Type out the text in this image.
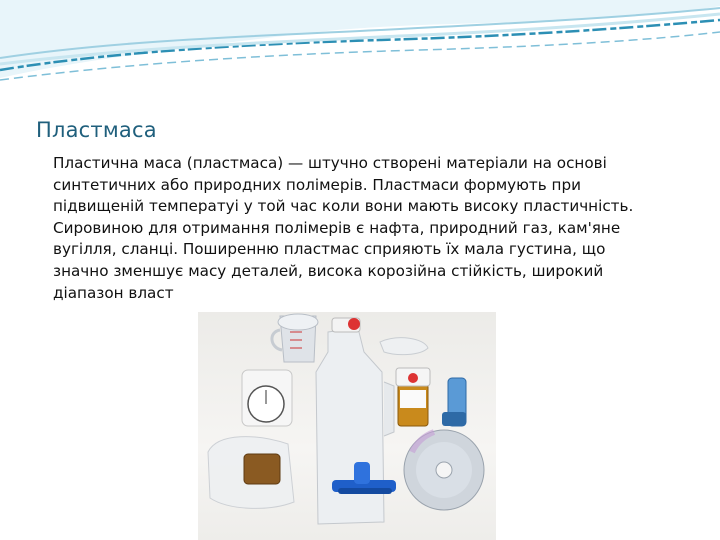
Пластмаса
Пластична маса (пластмаса) — штучно створені матеріали на основі синтетичних або природних полімерів. Пластмаси формують при підвищеній температуі у той час коли вони мають високу пластичність. Сировиною для отримання полімерів є нафта, природний газ, кам'яне вугілля, сланці. Поширенню пластмас сприяють їх мала густина, що значно зменшує масу деталей, висока корозійна стійкість, широкий діапазон власт
